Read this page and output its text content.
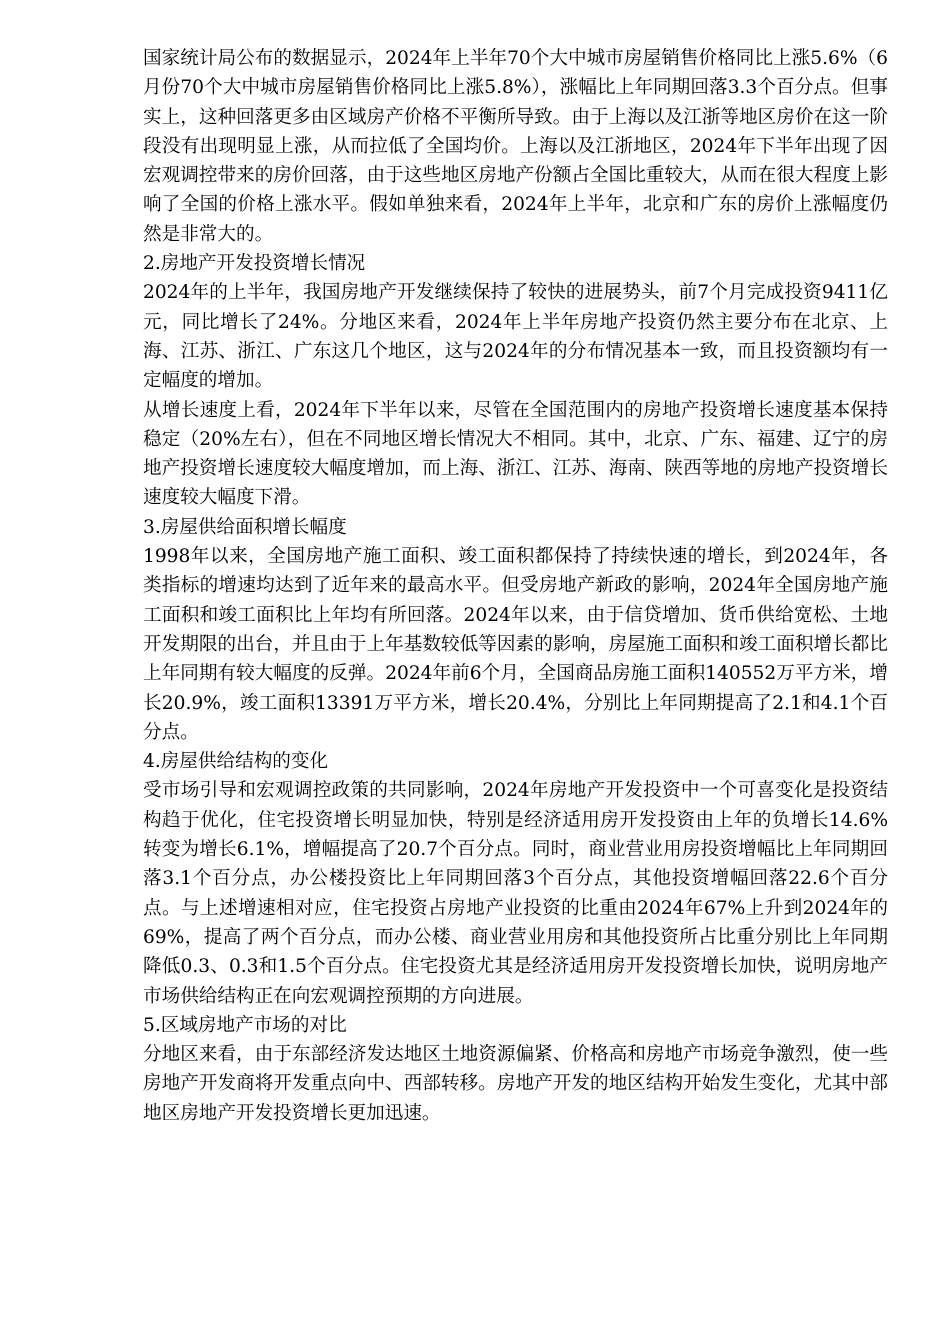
国家统计局公布的数据显示，2024年上半年70个大中城市房屋销售价格同比上涨5.6%（6月份70个大中城市房屋销售价格同比上涨5.8%），涨幅比上年同期回落3.3个百分点。但事实上，这种回落更多由区域房产价格不平衡所导致。由于上海以及江浙等地区房价在这一阶段没有出现明显上涨，从而拉低了全国均价。上海以及江浙地区，2024年下半年出现了因宏观调控带来的房价回落，由于这些地区房地产份额占全国比重较大，从而在很大程度上影响了全国的价格上涨水平。假如单独来看，2024年上半年，北京和广东的房价上涨幅度仍然是非常大的。

2.房地产开发投资增长情况

2024年的上半年，我国房地产开发继续保持了较快的进展势头，前7个月完成投资9411亿元，同比增长了24%。分地区来看，2024年上半年房地产投资仍然主要分布在北京、上海、江苏、浙江、广东这几个地区，这与2024年的分布情况基本一致，而且投资额均有一定幅度的增加。

从增长速度上看，2024年下半年以来，尽管在全国范围内的房地产投资增长速度基本保持稳定（20%左右），但在不同地区增长情况大不相同。其中，北京、广东、福建、辽宁的房地产投资增长速度较大幅度增加，而上海、浙江、江苏、海南、陕西等地的房地产投资增长速度较大幅度下滑。

3.房屋供给面积增长幅度

1998年以来，全国房地产施工面积、竣工面积都保持了持续快速的增长，到2024年，各类指标的增速均达到了近年来的最高水平。但受房地产新政的影响，2024年全国房地产施工面积和竣工面积比上年均有所回落。2024年以来，由于信贷增加、货币供给宽松、土地开发期限的出台，并且由于上年基数较低等因素的影响，房屋施工面积和竣工面积增长都比上年同期有较大幅度的反弹。2024年前6个月，全国商品房施工面积140552万平方米，增长20.9%，竣工面积13391万平方米，增长20.4%，分别比上年同期提高了2.1和4.1个百分点。

4.房屋供给结构的变化

受市场引导和宏观调控政策的共同影响，2024年房地产开发投资中一个可喜变化是投资结构趋于优化，住宅投资增长明显加快，特别是经济适用房开发投资由上年的负增长14.6%转变为增长6.1%，增幅提高了20.7个百分点。同时，商业营业用房投资增幅比上年同期回落3.1个百分点，办公楼投资比上年同期回落3个百分点，其他投资增幅回落22.6个百分点。与上述增速相对应，住宅投资占房地产业投资的比重由2024年67%上升到2024年的69%，提高了两个百分点，而办公楼、商业营业用房和其他投资所占比重分别比上年同期降低0.3、0.3和1.5个百分点。住宅投资尤其是经济适用房开发投资增长加快，说明房地产市场供给结构正在向宏观调控预期的方向进展。

5.区域房地产市场的对比

分地区来看，由于东部经济发达地区土地资源偏紧、价格高和房地产市场竞争激烈，使一些房地产开发商将开发重点向中、西部转移。房地产开发的地区结构开始发生变化，尤其中部地区房地产开发投资增长更加迅速。
